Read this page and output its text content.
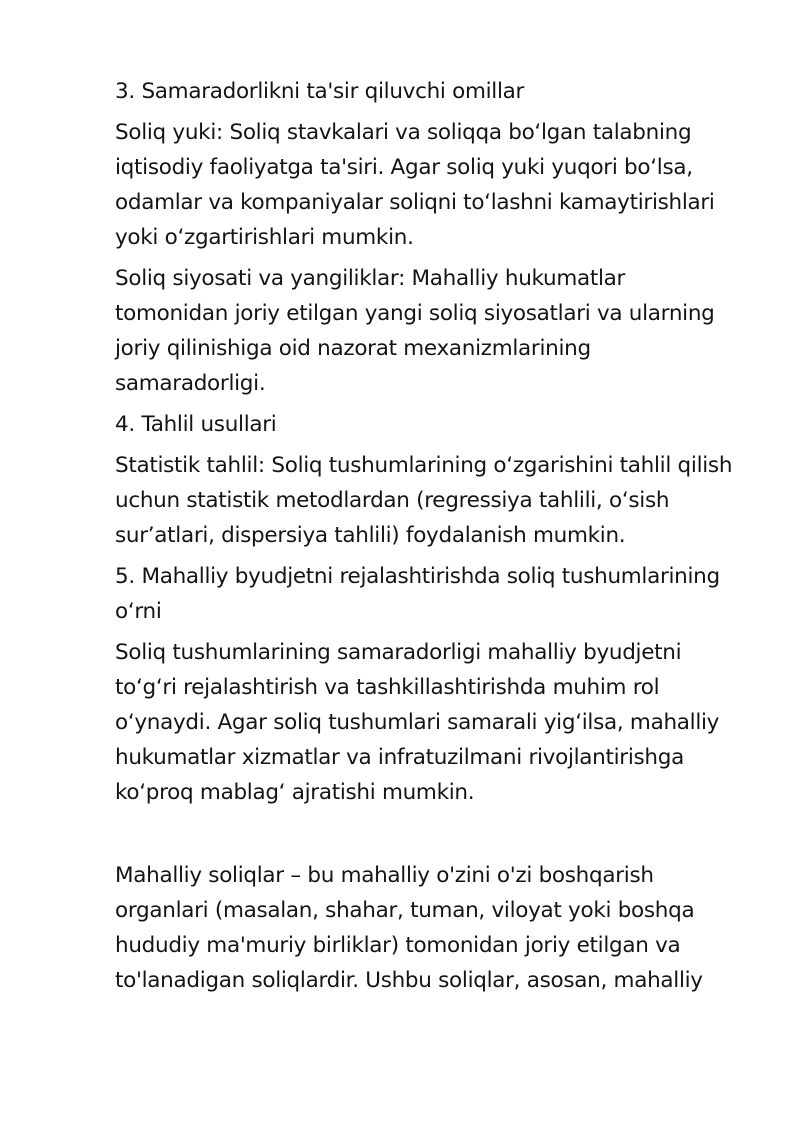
3. Samaradorlikni ta'sir qiluvchi omillar

Soliq yuki: Soliq stavkalari va soliqqa boʻlgan talabning iqtisodiy faoliyatga ta'siri. Agar soliq yuki yuqori boʻlsa, odamlar va kompaniyalar soliqni toʻlashni kamaytirishlari yoki oʻzgartirishlari mumkin.

Soliq siyosati va yangiliklar: Mahalliy hukumatlar tomonidan joriy etilgan yangi soliq siyosatlari va ularning joriy qilinishiga oid nazorat mexanizmlarining samaradorligi.

4. Tahlil usullari

Statistik tahlil: Soliq tushumlarining oʻzgarishini tahlil qilish uchun statistik metodlardan (regressiya tahlili, oʻsish sur’atlari, dispersiya tahlili) foydalanish mumkin.

5. Mahalliy byudjetni rejalashtirishda soliq tushumlarining oʻrni

Soliq tushumlarining samaradorligi mahalliy byudjetni toʻgʻri rejalashtirish va tashkillashtirishda muhim rol oʻynaydi. Agar soliq tushumlari samarali yigʻilsa, mahalliy hukumatlar xizmatlar va infratuzilmani rivojlantirishga koʻproq mablagʻ ajratishi mumkin.

Mahalliy soliqlar – bu mahalliy o'zini o'zi boshqarish organlari (masalan, shahar, tuman, viloyat yoki boshqa hududiy ma'muriy birliklar) tomonidan joriy etilgan va to'lanadigan soliqlardir. Ushbu soliqlar, asosan, mahalliy
